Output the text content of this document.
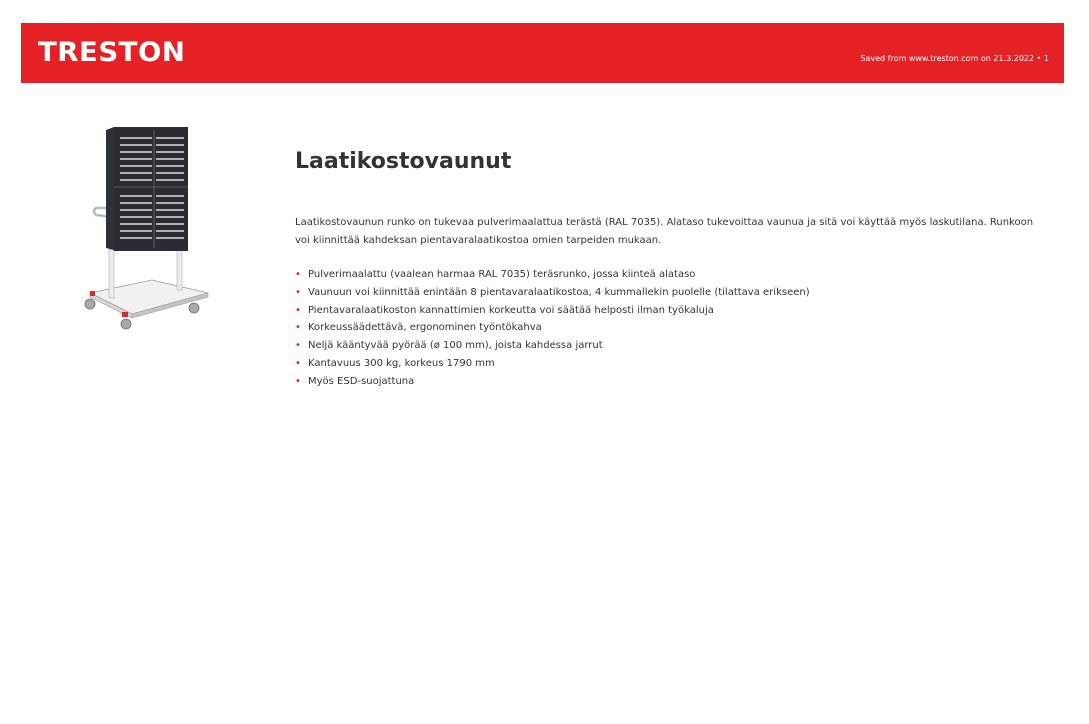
TRESTON	Saved from www.treston.com on 21.3.2022 • 1
Laatikostovaunut

Laatikostovaunun runko on tukevaa pulverimaalattua terästä (RAL 7035). Alataso tukevoittaa vaunua ja sitä voi käyttää myös laskutilana. Runkoon voi kiinnittää kahdeksan pientavaralaatikostoa omien tarpeiden mukaan.

• Pulverimaalattu (vaalean harmaa RAL 7035) teräsrunko, jossa kiinteä alataso
• Vaunuun voi kiinnittää enintään 8 pientavaralaatikostoa, 4 kummallekin puolelle (tilattava erikseen)
• Pientavaralaatikoston kannattimien korkeutta voi säätää helposti ilman työkaluja
• Korkeussäädettävä, ergonominen työntökahva
• Neljä kääntyvää pyörää (ø 100 mm), joista kahdessa jarrut
• Kantavuus 300 kg, korkeus 1790 mm
• Myös ESD-suojattuna
